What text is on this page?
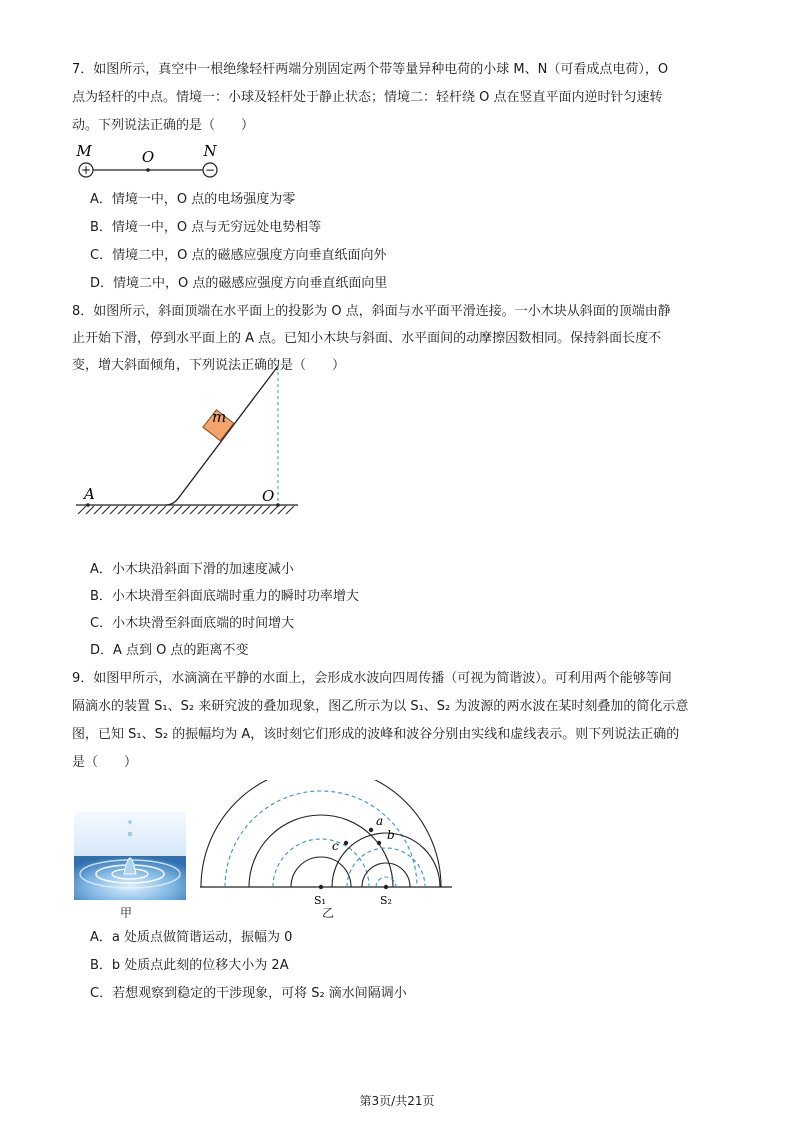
7．如图所示，真空中一根绝缘轻杆两端分别固定两个带等量异种电荷的小球 M、N（可看成点电荷），O
点为轻杆的中点。情境一：小球及轻杆处于静止状态；情境二：轻杆绕 O 点在竖直平面内逆时针匀速转
动。下列说法正确的是（　　）
+	−
M	O	N
A．情境一中，O 点的电场强度为零
B．情境一中，O 点与无穷远处电势相等
C．情境二中，O 点的磁感应强度方向垂直纸面向外
D．情境二中，O 点的磁感应强度方向垂直纸面向里
8．如图所示，斜面顶端在水平面上的投影为 O 点，斜面与水平面平滑连接。一小木块从斜面的顶端由静
止开始下滑，停到水平面上的 A 点。已知小木块与斜面、水平面间的动摩擦因数相同。保持斜面长度不
变，增大斜面倾角，下列说法正确的是（　　）
m
A	O
A．小木块沿斜面下滑的加速度减小
B．小木块滑至斜面底端时重力的瞬时功率增大
C．小木块滑至斜面底端的时间增大
D．A 点到 O 点的距离不变
9．如图甲所示，水滴滴在平静的水面上，会形成水波向四周传播（可视为简谐波）。可利用两个能够等间
隔滴水的装置 S₁、S₂ 来研究波的叠加现象，图乙所示为以 S₁、S₂ 为波源的两水波在某时刻叠加的简化示意
图，已知 S₁、S₂ 的振幅均为 A，该时刻它们形成的波峰和波谷分别由实线和虚线表示。则下列说法正确的
是（　　）
甲
a
b
c
S₁	S₂
乙
A．a 处质点做简谐运动，振幅为 0
B．b 处质点此刻的位移大小为 2A
C．若想观察到稳定的干涉现象，可将 S₂ 滴水间隔调小
第3页/共21页
